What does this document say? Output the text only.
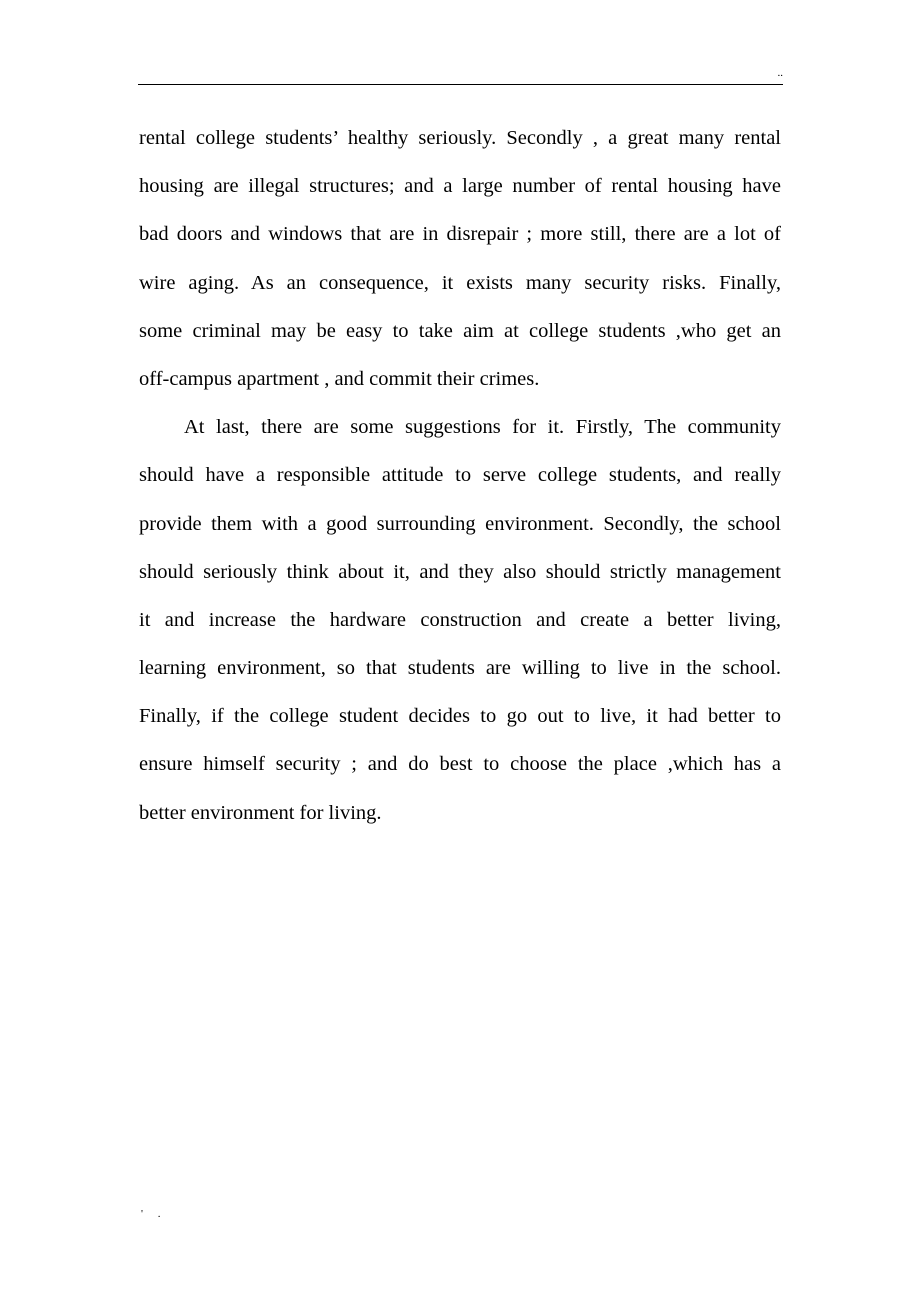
..
rental college students’ healthy seriously. Secondly , a great many rental
housing are illegal structures; and a large number of rental housing have
bad doors and windows that are in disrepair ; more still, there are a lot of
wire aging. As an consequence, it exists many security risks. Finally,
some criminal may be easy to take aim at college students ,who get an
off-campus apartment , and commit their crimes.
At last, there are some suggestions for it. Firstly, The community
should have a responsible attitude to serve college students, and really
provide them with a good surrounding environment. Secondly, the school
should seriously think about it, and they also should strictly management
it and increase the hardware construction and create a better living,
learning environment, so that students are willing to live in the school.
Finally, if the college student decides to go out to live, it had better to
ensure himself security ; and do best to choose the place ,which has a
better environment for living.
' .
